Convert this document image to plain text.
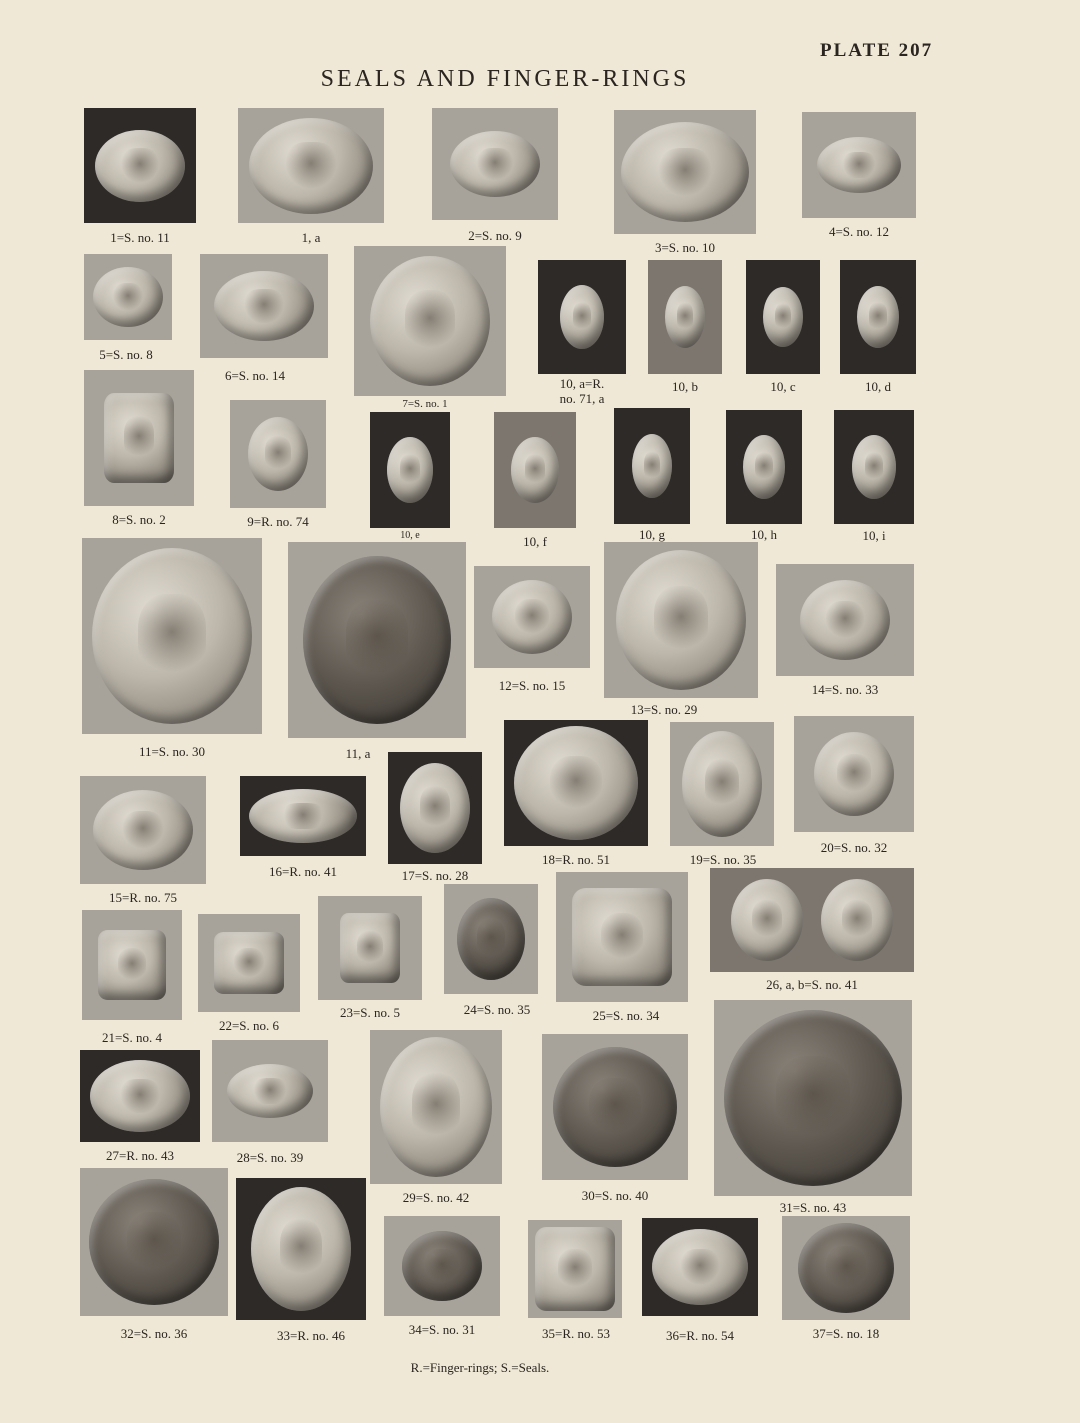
PLATE 207
SEALS AND FINGER-RINGS
1=S. no. 11	1, a	2=S. no. 9
3=S. no. 10
4=S. no. 12
5=S. no. 8
6=S. no. 14
7=S. no. 1
10, a=R.
no. 71, a
10, b	10, c	10, d
8=S. no. 2	9=R. no. 74
10, e	10, f	10, g	10, h	10, i
11=S. no. 30	11, a
12=S. no. 15
13=S. no. 29
14=S. no. 33
15=R. no. 75
16=R. no. 41	17=S. no. 28
18=R. no. 51	19=S. no. 35
20=S. no. 32
21=S. no. 4
22=S. no. 6
23=S. no. 5	24=S. no. 35	25=S. no. 34
26, a, b=S. no. 41
27=R. no. 43	28=S. no. 39
29=S. no. 42	30=S. no. 40
31=S. no. 43
32=S. no. 36	33=R. no. 46	34=S. no. 31	35=R. no. 53	36=R. no. 54	37=S. no. 18
R.=Finger-rings; S.=Seals.
